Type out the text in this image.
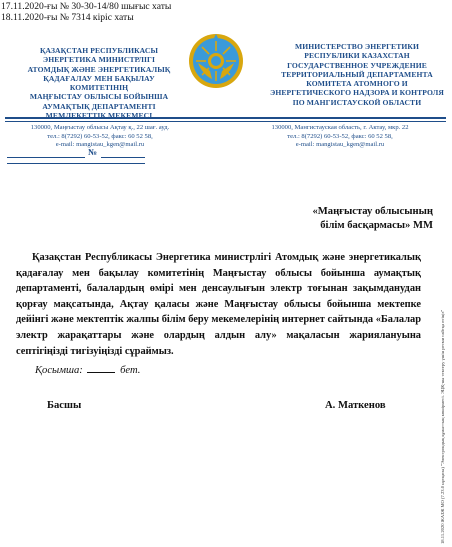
17.11.2020-ғы № 30-30-14/80 шығыс хаты
18.11.2020-ғы № 7314 кіріс хаты
ҚАЗАҚСТАН РЕСПУБЛИКАСЫ
ЭНЕРГЕТИКА МИНИСТРЛІГІ
АТОМДЫҚ ЖӘНЕ ЭНЕРГЕТИКАЛЫҚ
ҚАДАҒАЛАУ МЕН БАҚЫЛАУ КОМИТЕТІНІҢ
МАҢҒЫСТАУ ОБЛЫСЫ БОЙЫНША
АУМАҚТЫҚ ДЕПАРТАМЕНТІ
МЕМЛЕКЕТТІК МЕКЕМЕСІ
МИНИСТЕРСТВО ЭНЕРГЕТИКИ
РЕСПУБЛИКИ КАЗАХСТАН
ГОСУДАРСТВЕННОЕ УЧРЕЖДЕНИЕ
ТЕРРИТОРИАЛЬНЫЙ ДЕПАРТАМЕНТА
КОМИТЕТА АТОМНОГО И
ЭНЕРГЕТИЧЕСКОГО НАДЗОРА И КОНТРОЛЯ
ПО МАНГИСТАУСКОЙ ОБЛАСТИ
130000, Маңғыстау облысы Ақтау қ., 22 шағ. ауд.
тел.: 8(7292) 60-53-52, факс: 60 52 58,
e-mail: mangistau_kgen@mail.ru
130000, Мангистауская область, г. Актау, мкр. 22
тел.: 8(7292) 60-53-52, факс: 60 52 58,
e-mail: mangistau_kgen@mail.ru
№
«Маңғыстау облысының
білім басқармасы» ММ
Қазақстан Республикасы Энергетика министрлігі Атомдық және энергетикалық қадағалау мен бақылау комитетінің Маңғыстау облысы бойынша аумақтық департаменті, балалардың өмірі мен денсаулығын электр тоғынан зақымданудан қорғау мақсатында, Ақтау қаласы және Маңғыстау облысы бойынша мектепке дейінгі және мектептік жалпы білім беру мекемелерінің интернет сайтында «Балалар электр жарақаттары және олардың алдын алу» мақаласын жариялануына септігіңізді тигізуіңізді сұраймыз.
Қосымша:	бет.
Басшы	А. Маткенов	18.11.2020 ЖАЗЖ МО (7.23.0 нұсқасы) "Электрондық құжаттың көшірмесі. ЭЦҚ-ны тексеру үшін ресми сайтқа өтіңіз"
